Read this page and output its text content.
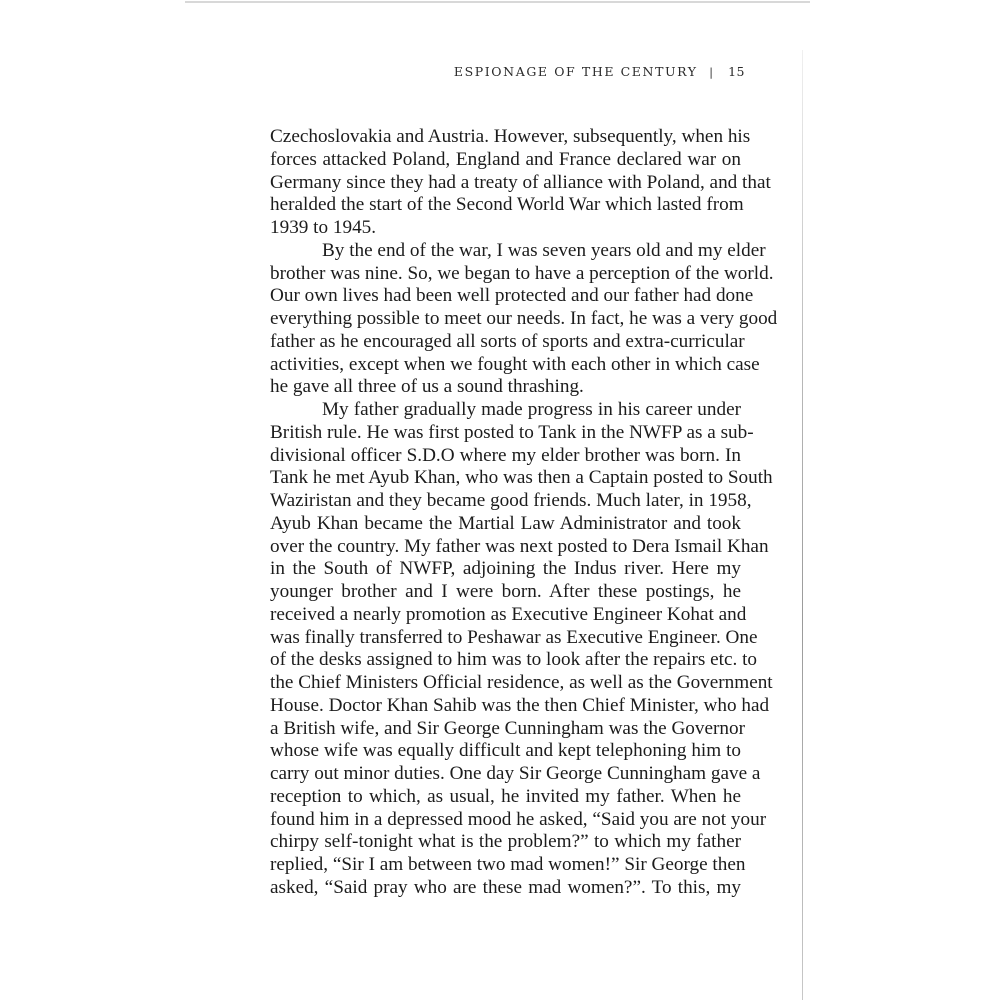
ESPIONAGE OF THE CENTURY | 15
Czechoslovakia and Austria. However, subsequently, when his
forces attacked Poland, England and France declared war on
Germany since they had a treaty of alliance with Poland, and that
heralded the start of the Second World War which lasted from
1939 to 1945.
By the end of the war, I was seven years old and my elder
brother was nine. So, we began to have a perception of the world.
Our own lives had been well protected and our father had done
everything possible to meet our needs. In fact, he was a very good
father as he encouraged all sorts of sports and extra-curricular
activities, except when we fought with each other in which case
he gave all three of us a sound thrashing.
My father gradually made progress in his career under
British rule. He was first posted to Tank in the NWFP as a sub-
divisional officer S.D.O where my elder brother was born. In
Tank he met Ayub Khan, who was then a Captain posted to South
Waziristan and they became good friends. Much later, in 1958,
Ayub Khan became the Martial Law Administrator and took
over the country. My father was next posted to Dera Ismail Khan
in the South of NWFP, adjoining the Indus river. Here my
younger brother and I were born. After these postings, he
received a nearly promotion as Executive Engineer Kohat and
was finally transferred to Peshawar as Executive Engineer. One
of the desks assigned to him was to look after the repairs etc. to
the Chief Ministers Official residence, as well as the Government
House. Doctor Khan Sahib was the then Chief Minister, who had
a British wife, and Sir George Cunningham was the Governor
whose wife was equally difficult and kept telephoning him to
carry out minor duties. One day Sir George Cunningham gave a
reception to which, as usual, he invited my father. When he
found him in a depressed mood he asked, “Said you are not your
chirpy self-tonight what is the problem?” to which my father
replied, “Sir I am between two mad women!” Sir George then
asked, “Said pray who are these mad women?”. To this, my
